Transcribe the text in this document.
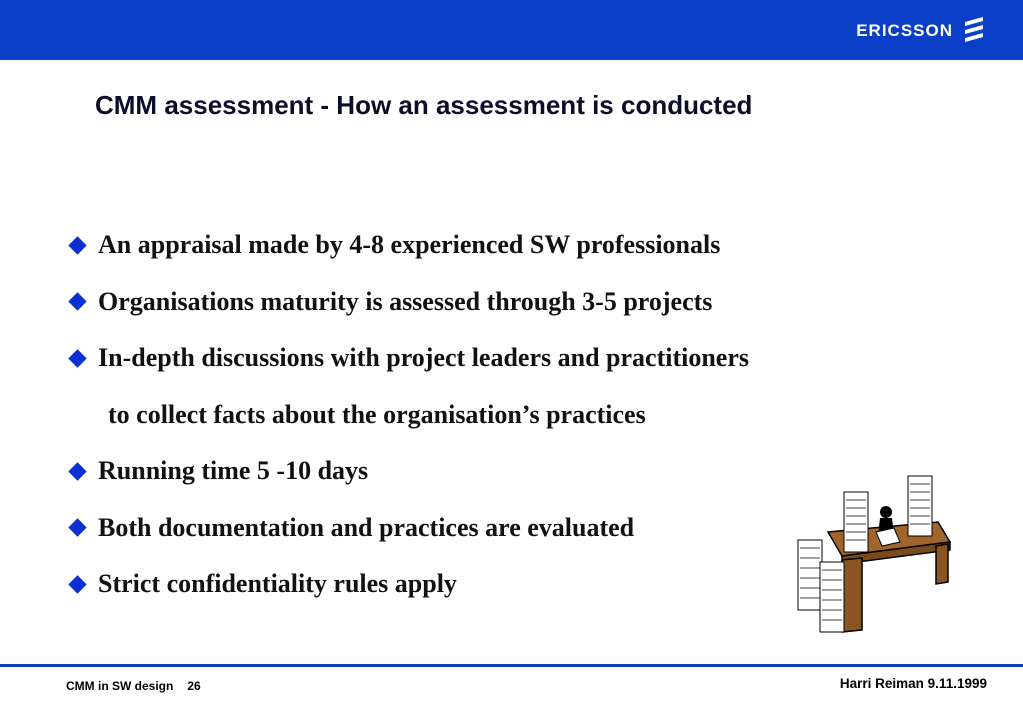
ERICSSON
CMM assessment - How an assessment is conducted
An appraisal made by 4-8 experienced SW professionals
Organisations maturity is assessed through 3-5 projects
In-depth discussions with project leaders and practitioners
to collect facts about the organisation’s practices
Running time 5 -10 days
Both documentation and practices are evaluated
Strict confidentiality rules apply
CMM in SW design 26	Harri Reiman 9.11.1999
